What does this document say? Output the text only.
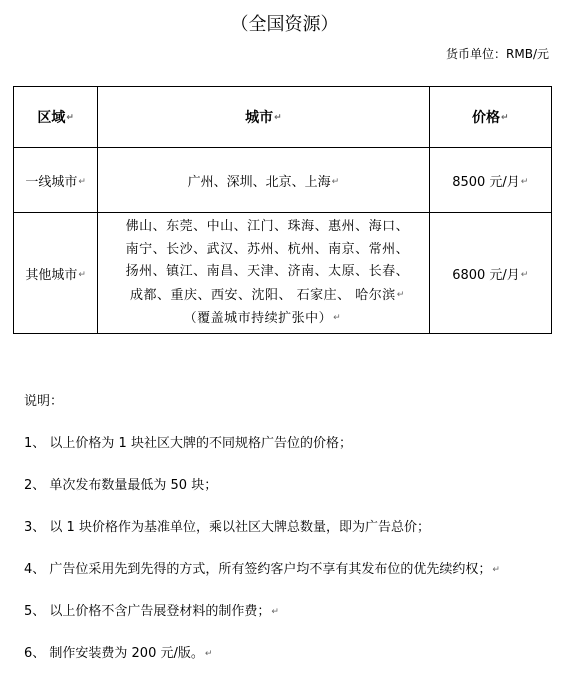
（全国资源）
货币单位：RMB/元
区域↵	城市↵	价格↵
一线城市↵	广州、深圳、北京、上海↵	8500 元/月↵
其他城市↵	佛山、东莞、中山、江门、珠海、惠州、海口、
南宁、长沙、武汉、苏州、杭州、南京、常州、
扬州、镇江、南昌、天津、济南、太原、长春、
成都、重庆、西安、沈阳、 石家庄、 哈尔滨↵
（覆盖城市持续扩张中）↵	6800 元/月↵
说明：
1、 以上价格为 1 块社区大牌的不同规格广告位的价格；
2、 单次发布数量最低为 50 块；
3、 以 1 块价格作为基准单位，乘以社区大牌总数量，即为广告总价；
4、 广告位采用先到先得的方式，所有签约客户均不享有其发布位的优先续约权；↵
5、 以上价格不含广告展登材料的制作费；↵
6、 制作安装费为 200 元/版。↵
